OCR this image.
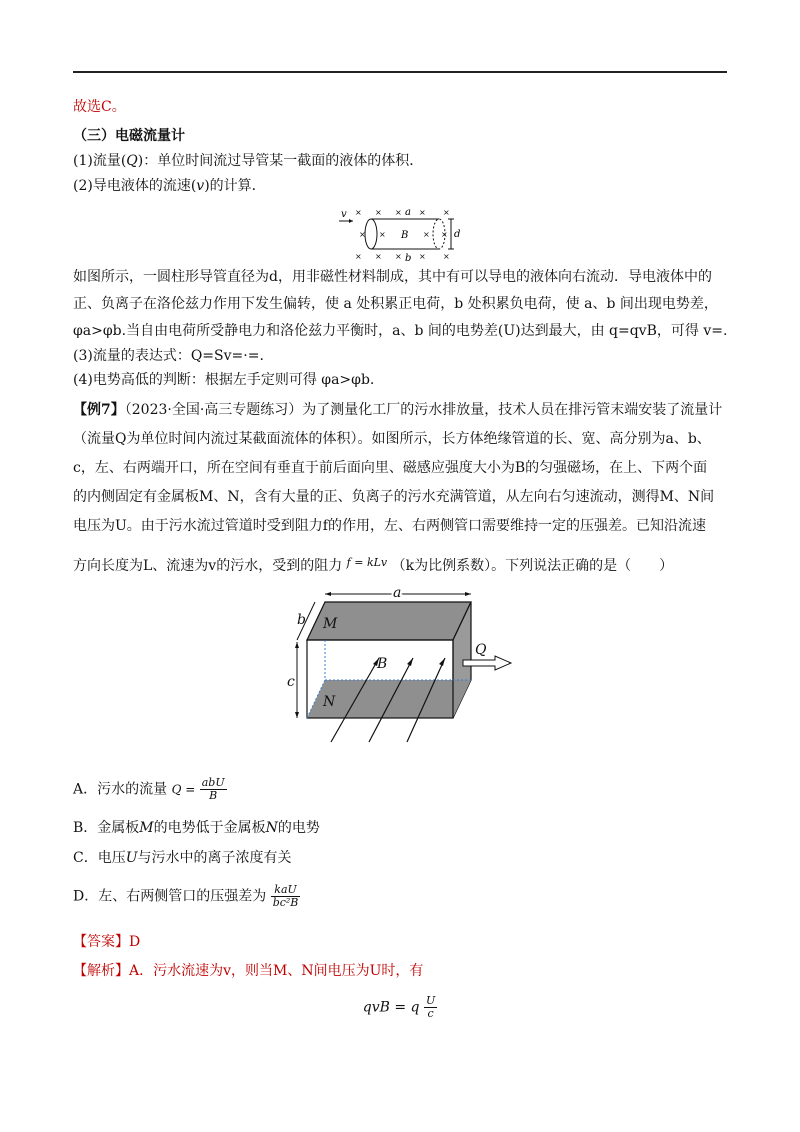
故选C。
（三）电磁流量计
(1)流量(Q)：单位时间流过导管某一截面的液体的体积．
(2)导电液体的流速(v)的计算．
× × × × ×
× ×	× ×
× × × × ×
v	a
B
b
d
如图所示，一圆柱形导管直径为d，用非磁性材料制成，其中有可以导电的液体向右流动．导电液体中的
正、负离子在洛伦兹力作用下发生偏转，使 a 处积累正电荷，b 处积累负电荷，使 a、b 间出现电势差，
φa>φb.当自由电荷所受静电力和洛伦兹力平衡时，a、b 间的电势差(U)达到最大，由 q=qvB，可得 v=.
(3)流量的表达式：Q=Sv=·=.
(4)电势高低的判断：根据左手定则可得 φa>φb.
【例7】（2023·全国·高三专题练习）为了测量化工厂的污水排放量，技术人员在排污管末端安装了流量计
（流量Q为单位时间内流过某截面流体的体积）。如图所示，长方体绝缘管道的长、宽、高分别为a、b、
c，左、右两端开口，所在空间有垂直于前后面向里、磁感应强度大小为B的匀强磁场，在上、下两个面
的内侧固定有金属板M、N，含有大量的正、负离子的污水充满管道，从左向右匀速流动，测得M、N间
电压为U。由于污水流过管道时受到阻力f的作用，左、右两侧管口需要维持一定的压强差。已知沿流速
方向长度为L、流速为v的污水，受到的阻力 $^{f = kLv}$ （k为比例系数）。下列说法正确的是（　　）
a
b
c
M
N
B
Q
A．污水的流量 $Q = \frac{\text{abU}}{B}$
B．金属板M的电势低于金属板N的电势
C．电压U与污水中的离子浓度有关
D．左、右两侧管口的压强差为 $\frac{\text{kaU}}{\text{bc²B}}$
【答案】D
【解析】A．污水流速为v，则当M、N间电压为U时，有
qvB = q $\frac{U}{c}$
